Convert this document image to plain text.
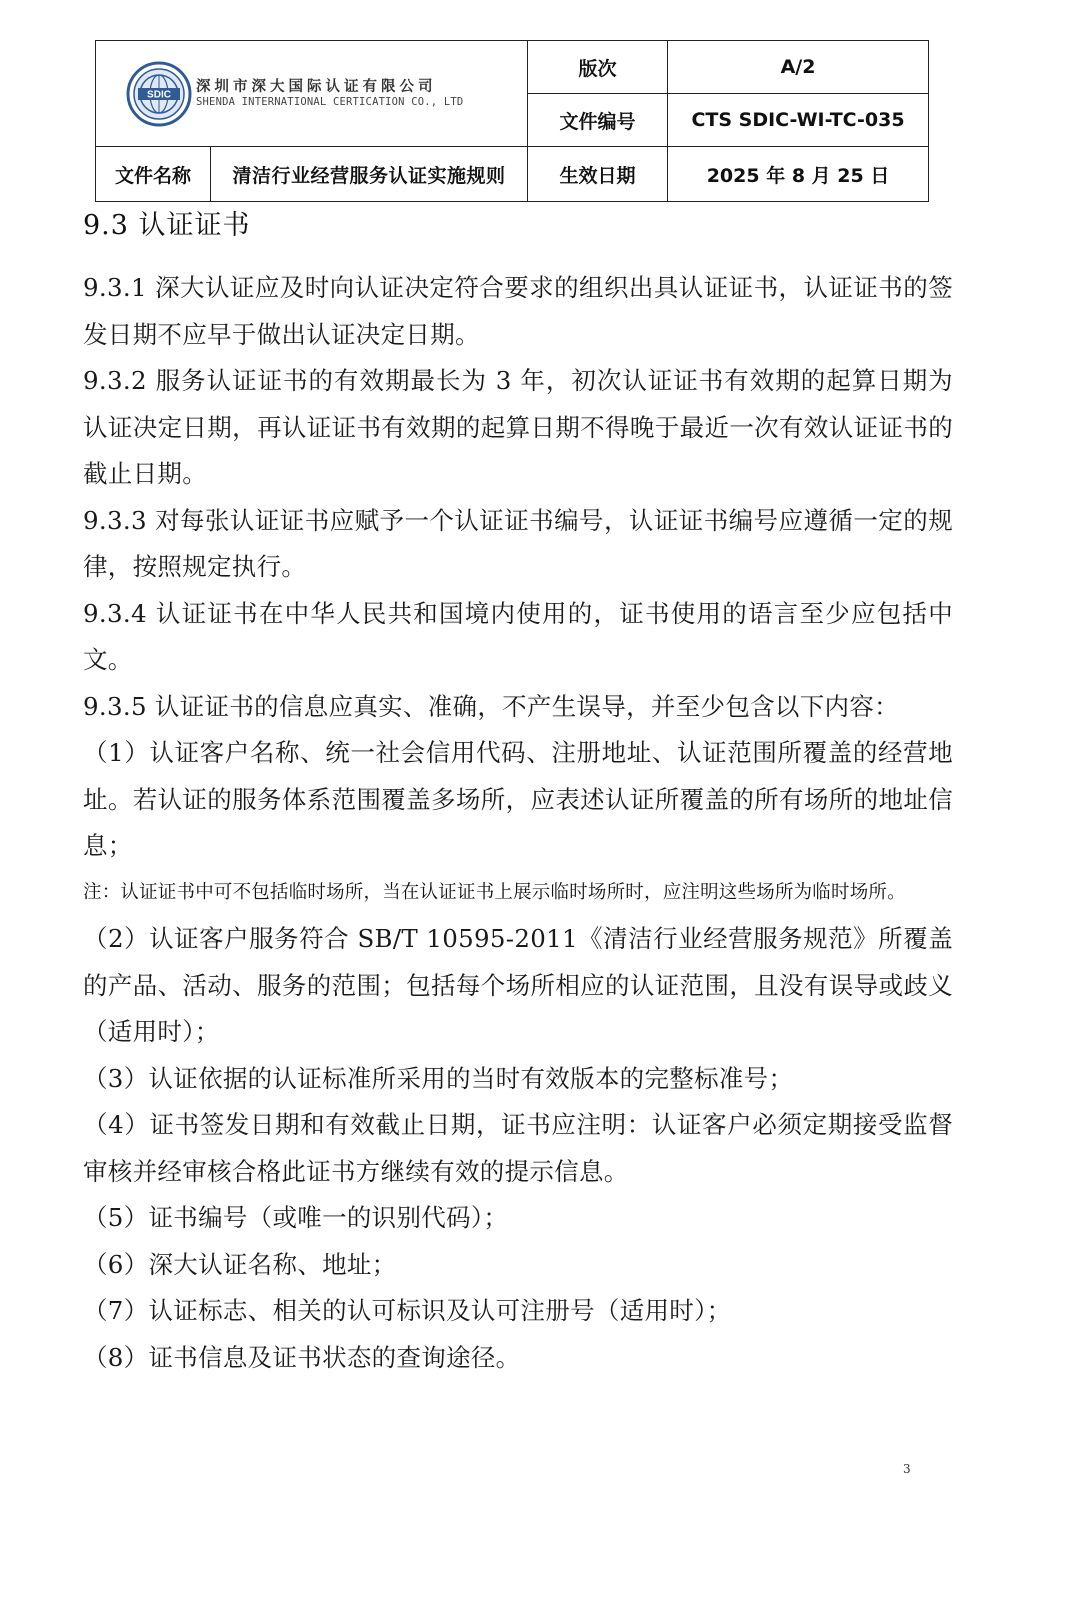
SDIC 深圳市深大国际认证有限公司
SHENDA INTERNATIONAL CERTICATION CO., LTD		版次	A/2
		文件编号	CTS SDIC-WI-TC-035
文件名称	清洁行业经营服务认证实施规则	生效日期	2025 年 8 月 25 日
9.3 认证证书

9.3.1 深大认证应及时向认证决定符合要求的组织出具认证证书，认证证书的签发日期不应早于做出认证决定日期。

9.3.2 服务认证证书的有效期最长为 3 年，初次认证证书有效期的起算日期为认证决定日期，再认证证书有效期的起算日期不得晚于最近一次有效认证证书的截止日期。

9.3.3 对每张认证证书应赋予一个认证证书编号，认证证书编号应遵循一定的规律，按照规定执行。

9.3.4 认证证书在中华人民共和国境内使用的，证书使用的语言至少应包括中文。

9.3.5 认证证书的信息应真实、准确，不产生误导，并至少包含以下内容：

（1）认证客户名称、统一社会信用代码、注册地址、认证范围所覆盖的经营地址。若认证的服务体系范围覆盖多场所，应表述认证所覆盖的所有场所的地址信息；

注：认证证书中可不包括临时场所，当在认证证书上展示临时场所时，应注明这些场所为临时场所。

（2）认证客户服务符合 SB/T 10595-2011《清洁行业经营服务规范》所覆盖的产品、活动、服务的范围；包括每个场所相应的认证范围，且没有误导或歧义（适用时）；

（3）认证依据的认证标准所采用的当时有效版本的完整标准号；

（4）证书签发日期和有效截止日期，证书应注明：认证客户必须定期接受监督审核并经审核合格此证书方继续有效的提示信息。

（5）证书编号（或唯一的识别代码）；

（6）深大认证名称、地址；

（7）认证标志、相关的认可标识及认可注册号（适用时）；

（8）证书信息及证书状态的查询途径。

3
